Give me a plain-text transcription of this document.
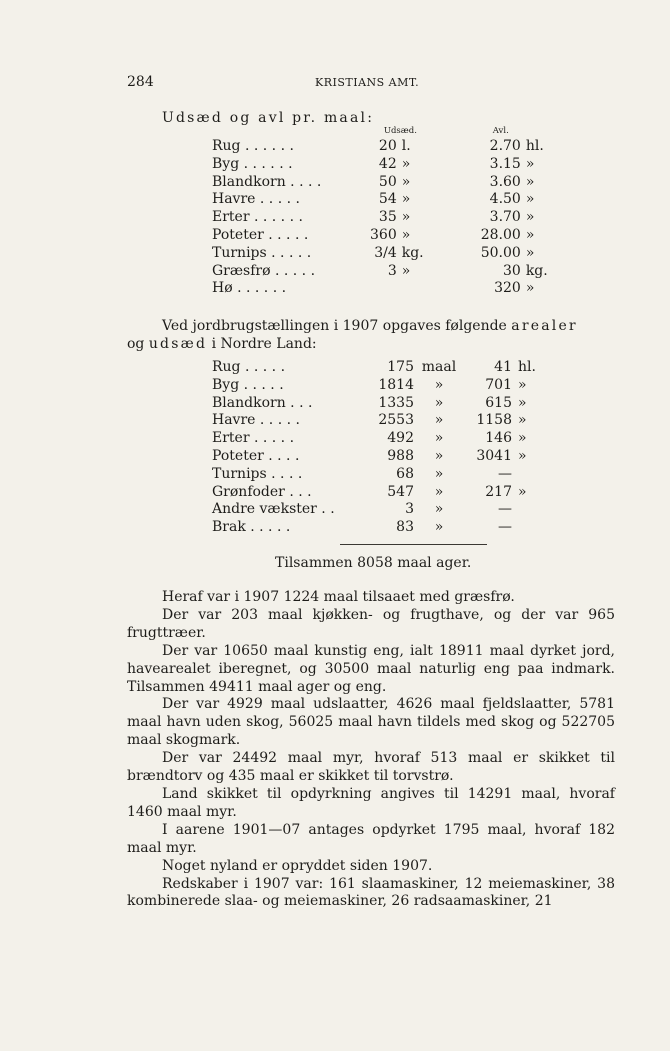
284	KRISTIANS AMT.
Udsæd og avl pr. maal:
	Udsæd.			Avl.	
Rug . . . . . .	20	l.		2.70	hl.
Byg . . . . . .	42	»		3.15	»
Blandkorn . . . .	50	»		3.60	»
Havre . . . . .	54	»		4.50	»
Erter . . . . . .	35	»		3.70	»
Poteter . . . . .	360	»		28.00	»
Turnips . . . . .	3/4	kg.		50.00	»
Græsfrø . . . . .	3	»		30	kg.
Hø . . . . . .				320	»
Ved jordbrugstællingen i 1907 opgaves følgende arealer
og udsæd i Nordre Land:
Rug . . . . .	175	maal	41	hl.
Byg . . . . .	1814	»	701	»
Blandkorn . . .	1335	»	615	»
Havre . . . . .	2553	»	1158	»
Erter . . . . .	492	»	146	»
Poteter . . . .	988	»	3041	»
Turnips . . . .	68	»	—	
Grønfoder . . .	547	»	217	»
Andre vækster . .	3	»	—	
Brak . . . . .	83	»	—	
Tilsammen 8058 maal ager.

Heraf var i 1907 1224 maal tilsaaet med græsfrø.

Der var 203 maal kjøkken- og frugthave, og der var 965 frugttræer.

Der var 10650 maal kunstig eng, ialt 18911 maal dyrket jord, havearealet iberegnet, og 30500 maal naturlig eng paa indmark. Tilsammen 49411 maal ager og eng.

Der var 4929 maal udslaatter, 4626 maal fjeldslaatter, 5781 maal havn uden skog, 56025 maal havn tildels med skog og 522705 maal skogmark.

Der var 24492 maal myr, hvoraf 513 maal er skikket til brændtorv og 435 maal er skikket til torvstrø.

Land skikket til opdyrkning angives til 14291 maal, hvoraf 1460 maal myr.

I aarene 1901—07 antages opdyrket 1795 maal, hvoraf 182 maal myr.

Noget nyland er opryddet siden 1907.

Redskaber i 1907 var: 161 slaamaskiner, 12 meiemaskiner, 38 kombinerede slaa- og meiemaskiner, 26 radsaamaskiner, 21
